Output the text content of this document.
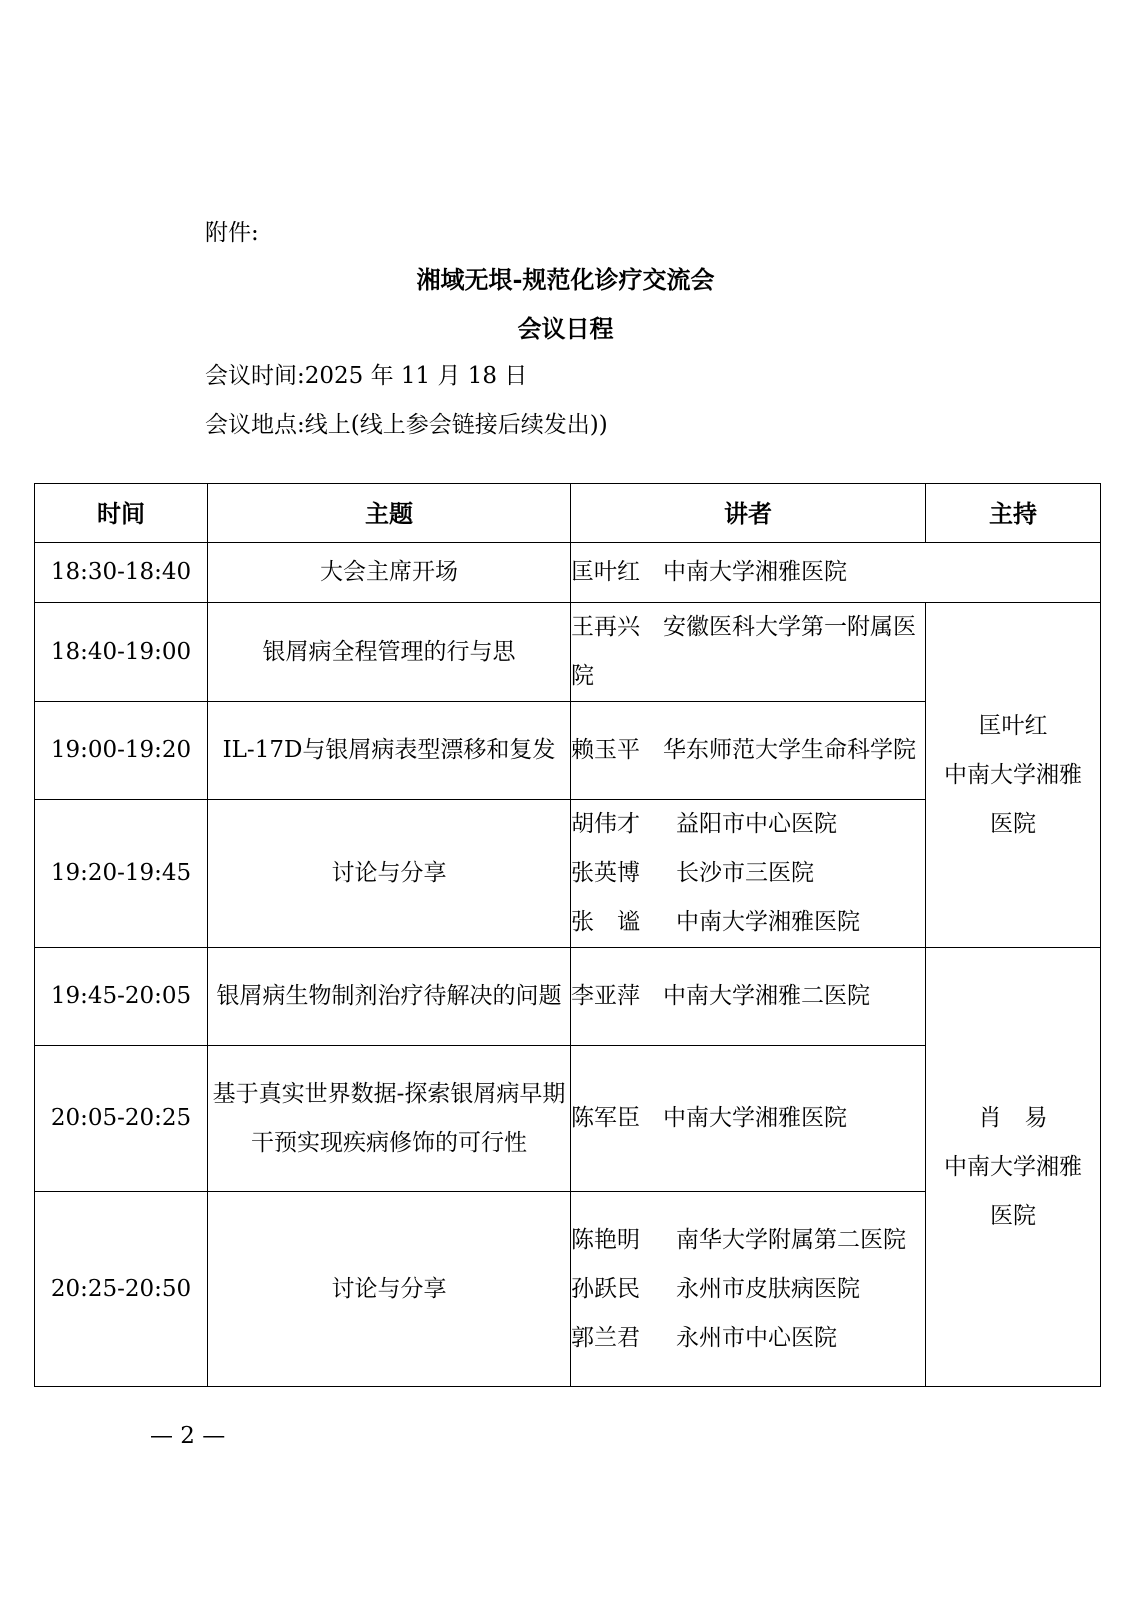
附件:
湘域无垠-规范化诊疗交流会
会议日程
会议时间:2025 年 11 月 18 日
会议地点:线上(线上参会链接后续发出))
时间	主题	讲者	主持
18:30-18:40	大会主席开场	匡叶红　中南大学湘雅医院	
18:40-19:00	银屑病全程管理的行与思	王再兴　安徽医科大学第一附属医院	匡叶红
中南大学湘雅医院

19:00-19:20	IL-17D与银屑病表型漂移和复发	赖玉平　华东师范大学生命科学院	
19:20-19:45	讨论与分享	胡伟才 益阳市中心医院
张英博 长沙市三医院
张　谧 中南大学湘雅医院	

19:45-20:05	银屑病生物制剂治疗待解决的问题	李亚萍　中南大学湘雅二医院	肖　易
中南大学湘雅医院

20:05-20:25	基于真实世界数据-探索银屑病早期干预实现疾病修饰的可行性	陈军臣　中南大学湘雅医院	
20:25-20:50	讨论与分享	陈艳明 南华大学附属第二医院
孙跃民 永州市皮肤病医院
郭兰君 永州市中心医院	
— 2 —
